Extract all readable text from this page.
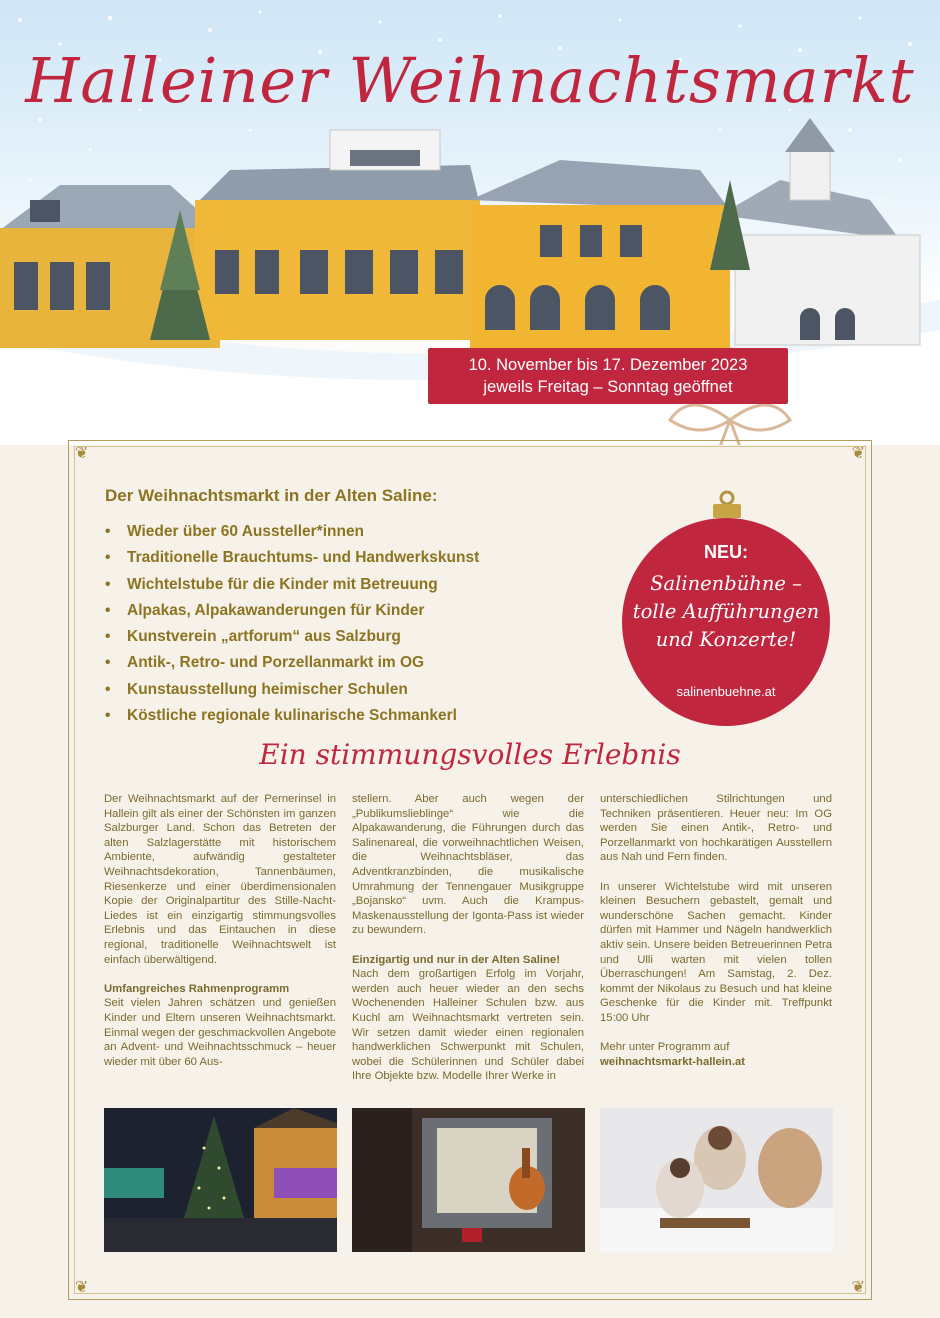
Halleiner Weihnachtsmarkt
10. November bis 17. Dezember 2023
jeweils Freitag – Sonntag geöffnet
❦	❦
❦	❦
Der Weihnachtsmarkt in der Alten Saline:
• Wieder über 60 Aussteller*innen
• Traditionelle Brauchtums- und Handwerkskunst
• Wichtelstube für die Kinder mit Betreuung
• Alpakas, Alpakawanderungen für Kinder
• Kunstverein „artforum“ aus Salzburg
• Antik-, Retro- und Porzellanmarkt im OG
• Kunstausstellung heimischer Schulen
• Köstliche regionale kulinarische Schmankerl
NEU:
Salinenbühne –
tolle Aufführungen
und Konzerte!
salinenbuehne.at
Ein stimmungsvolles Erlebnis

Der Weihnachtsmarkt auf der Pernerinsel in Hallein gilt als einer der Schönsten im ganzen Salzburger Land. Schon das Betreten der alten Salzlagerstätte mit historischem Ambiente, aufwändig gestalteter Weihnachtsdekoration, Tannenbäumen, Riesenkerze und einer überdimensionalen Kopie der Originalpartitur des Stille-Nacht-Liedes ist ein einzigartig stimmungsvolles Erlebnis und das Eintauchen in diese regional, traditionelle Weihnachtswelt ist einfach überwältigend.

Umfangreiches Rahmenprogramm

Seit vielen Jahren schätzen und genießen Kinder und Eltern unseren Weihnachtsmarkt. Einmal wegen der geschmackvollen Angebote an Advent- und Weihnachtsschmuck – heuer wieder mit über 60 Aus-

stellern. Aber auch wegen der „Publikumslieblinge“ wie die Alpakawanderung, die Führungen durch das Salinenareal, die vorweihnachtlichen Weisen, die Weihnachtsbläser, das Adventkranzbinden, die musikalische Umrahmung der Tennengauer Musikgruppe „Bojansko“ uvm. Auch die Krampus-Maskenausstellung der Igonta-Pass ist wieder zu bewundern.

Einzigartig und nur in der Alten Saline!

Nach dem großartigen Erfolg im Vorjahr, werden auch heuer wieder an den sechs Wochenenden Halleiner Schulen bzw. aus Kuchl am Weihnachtsmarkt vertreten sein. Wir setzen damit wieder einen regionalen handwerklichen Schwerpunkt mit Schulen, wobei die Schülerinnen und Schüler dabei Ihre Objekte bzw. Modelle Ihrer Werke in

unterschiedlichen Stilrichtungen und Techniken präsentieren. Heuer neu: Im OG werden Sie einen Antik-, Retro- und Porzellanmarkt von hochkarätigen Ausstellern aus Nah und Fern finden.

In unserer Wichtelstube wird mit unseren kleinen Besuchern gebastelt, gemalt und wunderschöne Sachen gemacht. Kinder dürfen mit Hammer und Nägeln handwerklich aktiv sein. Unsere beiden Betreuerinnen Petra und Ulli warten mit vielen tollen Überraschungen! Am Samstag, 2. Dez. kommt der Nikolaus zu Besuch und hat kleine Geschenke für die Kinder mit. Treffpunkt 15:00 Uhr

Mehr unter Programm auf
weihnachtsmarkt-hallein.at
